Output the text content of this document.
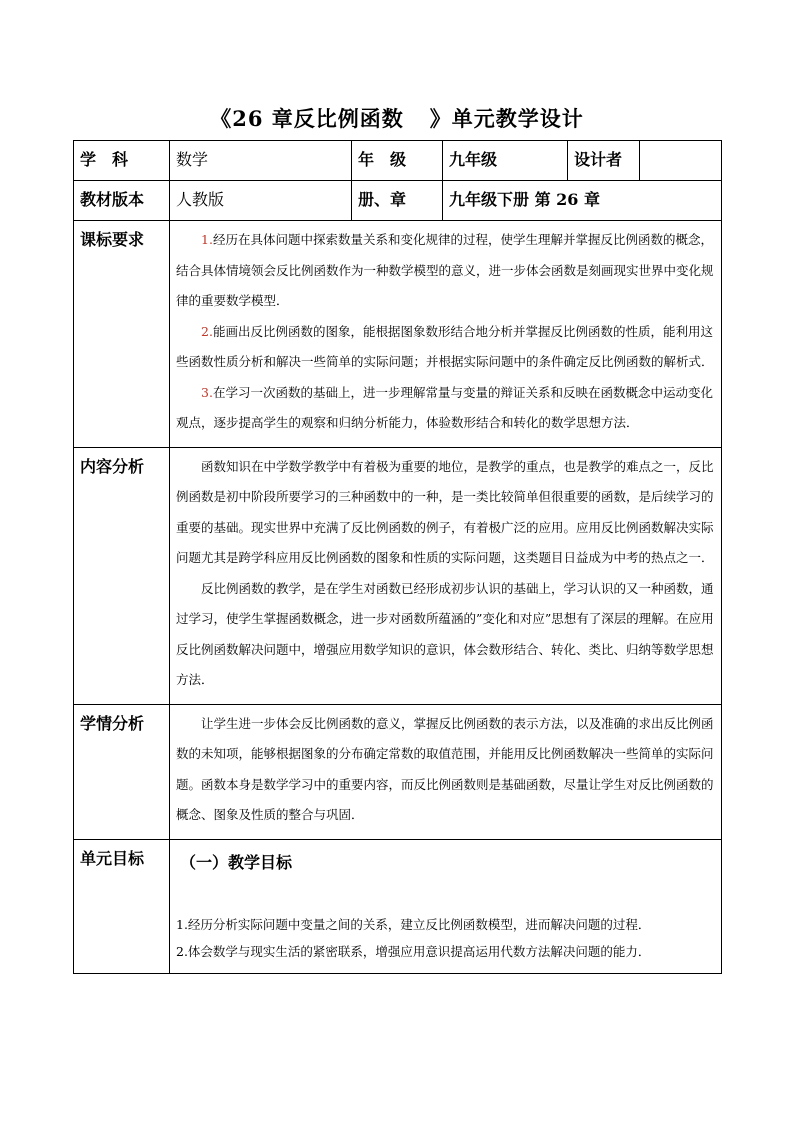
《26 章反比例函数 》单元教学设计
学　科	数学	年　级	九年级	设计者	
教材版本	人教版	册、章	九年级下册 第 26 章		
课标要求	1.经历在具体问题中探索数量关系和变化规律的过程，使学生理解并掌握反比例函数的概念，结合具体情境领会反比例函数作为一种数学模型的意义，进一步体会函数是刻画现实世界中变化规律的重要数学模型．

2.能画出反比例函数的图象，能根据图象数形结合地分析并掌握反比例函数的性质，能利用这些函数性质分析和解决一些简单的实际问题；并根据实际问题中的条件确定反比例函数的解析式．

3.在学习一次函数的基础上，进一步理解常量与变量的辩证关系和反映在函数概念中运动变化观点，逐步提高学生的观察和归纳分析能力，体验数形结合和转化的数学思想方法．				

内容分析	函数知识在中学数学教学中有着极为重要的地位，是教学的重点，也是教学的难点之一，反比例函数是初中阶段所要学习的三种函数中的一种，是一类比较简单但很重要的函数，是后续学习的重要的基础。现实世界中充满了反比例函数的例子，有着极广泛的应用。应用反比例函数解决实际问题尤其是跨学科应用反比例函数的图象和性质的实际问题，这类题目日益成为中考的热点之一．

反比例函数的教学，是在学生对函数已经形成初步认识的基础上，学习认识的又一种函数，通过学习，使学生掌握函数概念，进一步对函数所蕴涵的”变化和对应”思想有了深层的理解。在应用反比例函数解决问题中，增强应用数学知识的意识，体会数形结合、转化、类比、归纳等数学思想方法．				

学情分析	让学生进一步体会反比例函数的意义，掌握反比例函数的表示方法，以及准确的求出反比例函数的未知项，能够根据图象的分布确定常数的取值范围，并能用反比例函数解决一些简单的实际问题。函数本身是数学学习中的重要内容，而反比例函数则是基础函数，尽量让学生对反比例函数的概念、图象及性质的整合与巩固．				

单元目标	（一）教学目标
1.经历分析实际问题中变量之间的关系，建立反比例函数模型，进而解决问题的过程．
2.体会数学与现实生活的紧密联系，增强应用意识提高运用代数方法解决问题的能力．				
